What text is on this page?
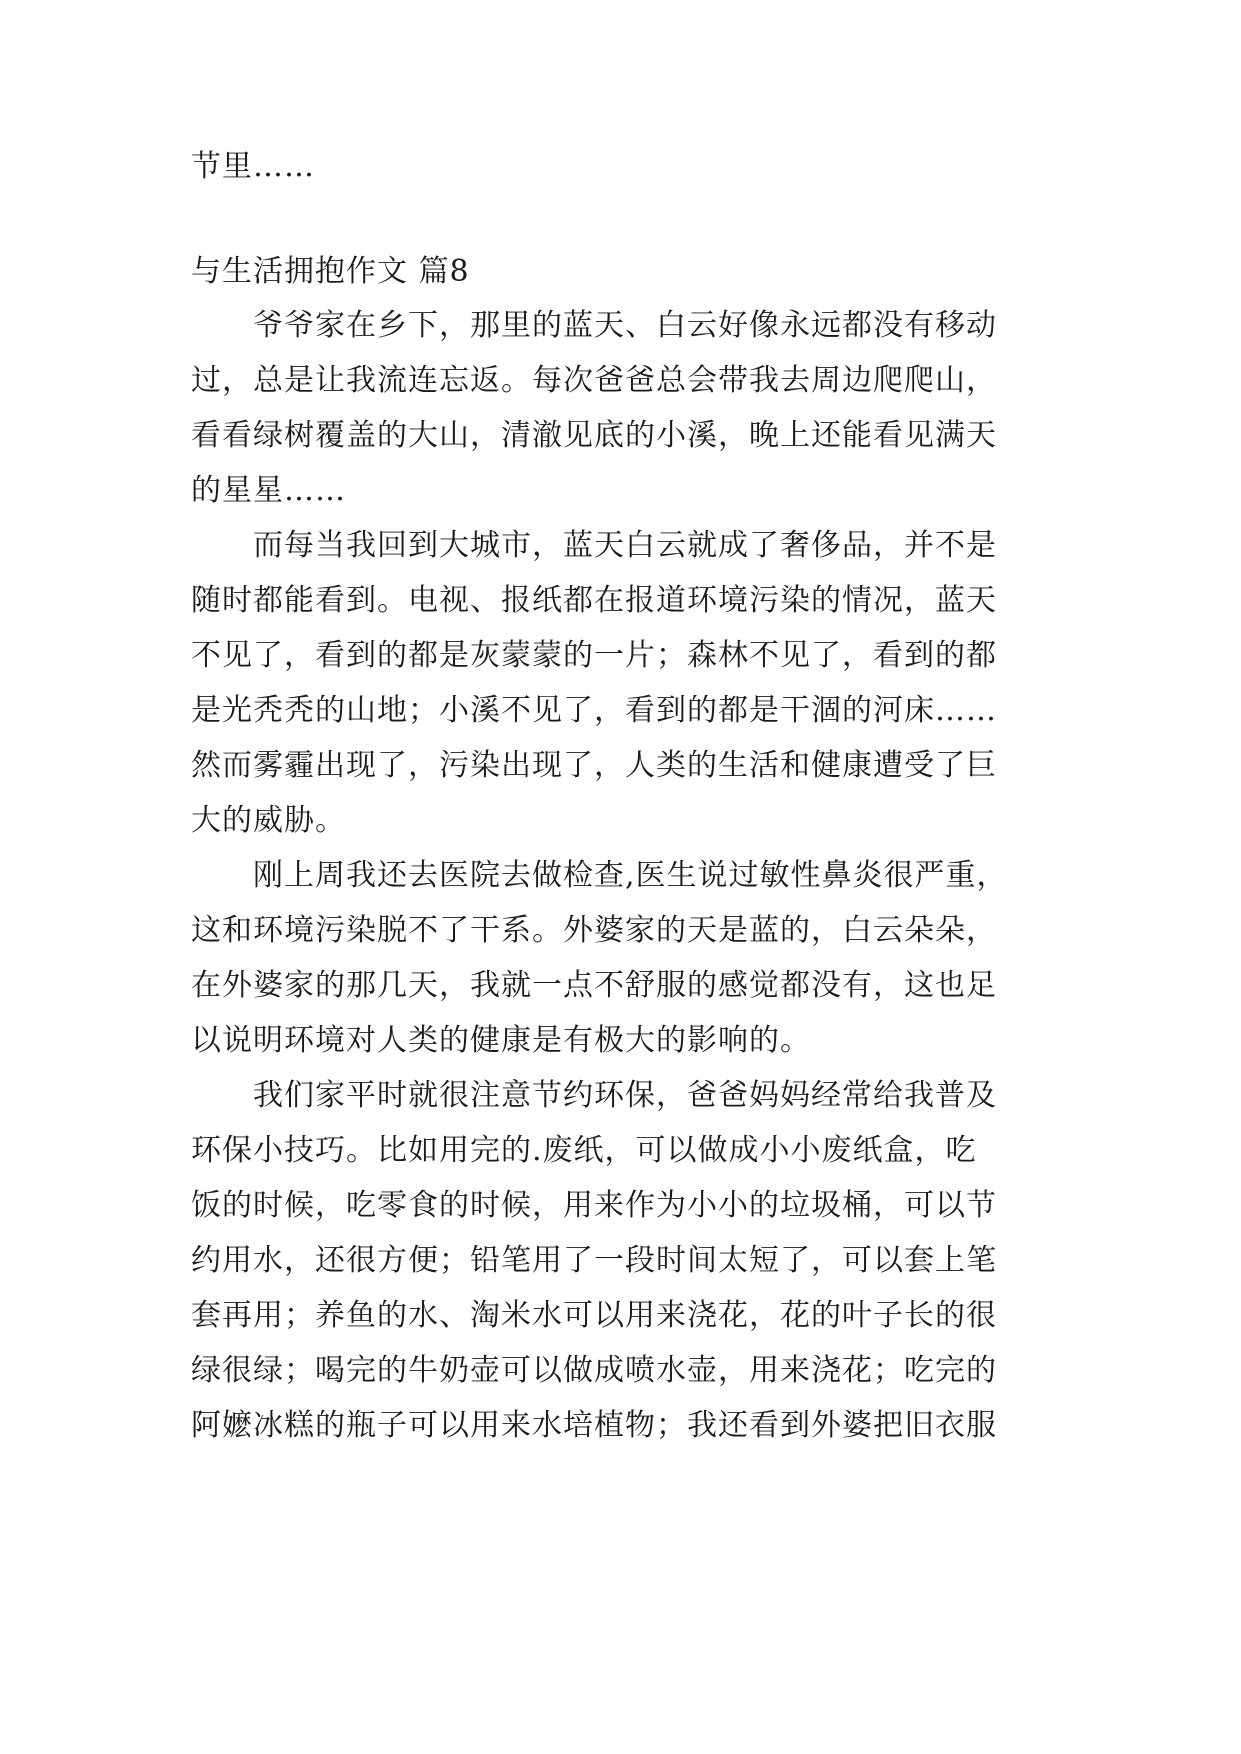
节里……
与生活拥抱作文 篇8
爷爷家在乡下，那里的蓝天、白云好像永远都没有移动
过，总是让我流连忘返。每次爸爸总会带我去周边爬爬山，
看看绿树覆盖的大山，清澈见底的小溪，晚上还能看见满天
的星星……
而每当我回到大城市，蓝天白云就成了奢侈品，并不是
随时都能看到。电视、报纸都在报道环境污染的情况，蓝天
不见了，看到的都是灰蒙蒙的一片；森林不见了，看到的都
是光秃秃的山地；小溪不见了，看到的都是干涸的河床……
然而雾霾出现了，污染出现了，人类的生活和健康遭受了巨
大的威胁。
刚上周我还去医院去做检查,医生说过敏性鼻炎很严重，
这和环境污染脱不了干系。外婆家的天是蓝的，白云朵朵，
在外婆家的那几天，我就一点不舒服的感觉都没有，这也足
以说明环境对人类的健康是有极大的影响的。
我们家平时就很注意节约环保，爸爸妈妈经常给我普及
环保小技巧。比如用完的.废纸，可以做成小小废纸盒，吃
饭的时候，吃零食的时候，用来作为小小的垃圾桶，可以节
约用水，还很方便；铅笔用了一段时间太短了，可以套上笔
套再用；养鱼的水、淘米水可以用来浇花，花的叶子长的很
绿很绿；喝完的牛奶壶可以做成喷水壶，用来浇花；吃完的
阿嬷冰糕的瓶子可以用来水培植物；我还看到外婆把旧衣服
